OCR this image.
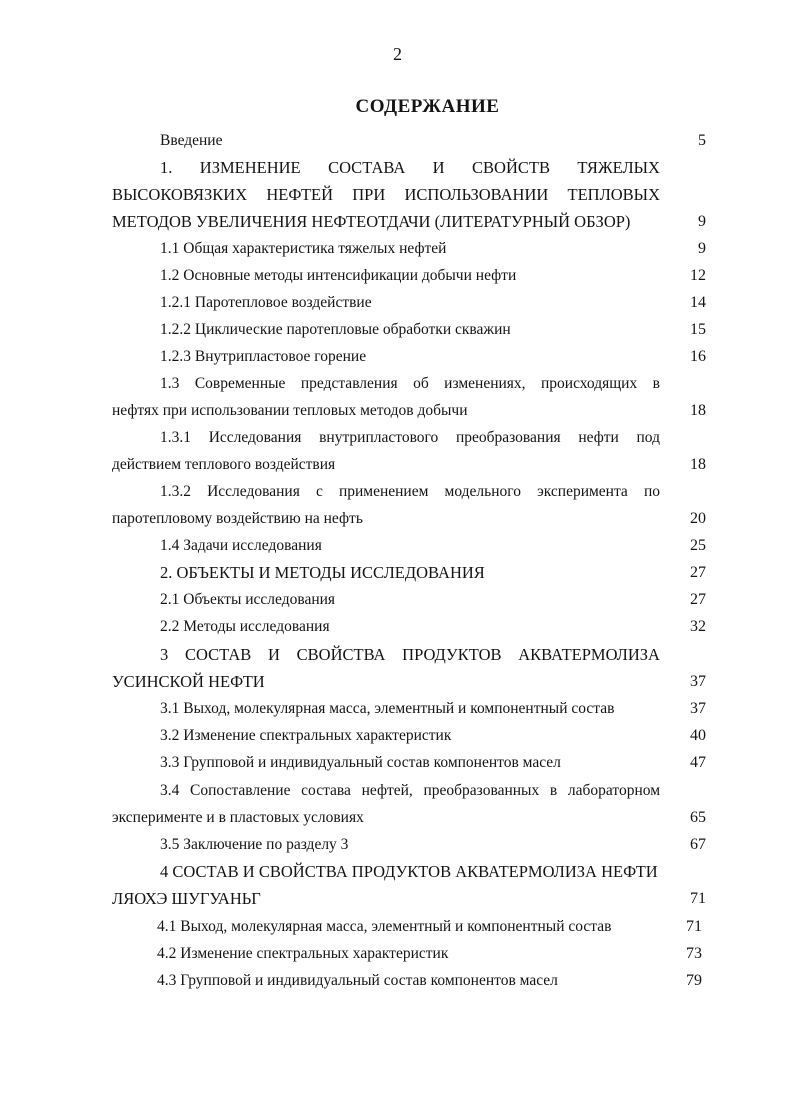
2
СОДЕРЖАНИЕ
Введение	5
1. ИЗМЕНЕНИЕ СОСТАВА И СВОЙСТВ ТЯЖЕЛЫХ
ВЫСОКОВЯЗКИХ НЕФТЕЙ ПРИ ИСПОЛЬЗОВАНИИ ТЕПЛОВЫХ
МЕТОДОВ УВЕЛИЧЕНИЯ НЕФТЕОТДАЧИ (ЛИТЕРАТУРНЫЙ ОБЗОР)	9
1.1 Общая характеристика тяжелых нефтей	9
1.2 Основные методы интенсификации добычи нефти	12
1.2.1 Паротепловое воздействие	14
1.2.2 Циклические паротепловые обработки скважин	15
1.2.3 Внутрипластовое горение	16
1.3 Современные представления об изменениях, происходящих в
нефтях при использовании тепловых методов добычи	18
1.3.1 Исследования внутрипластового преобразования нефти под
действием теплового воздействия	18
1.3.2 Исследования с применением модельного эксперимента по
паротепловому воздействию на нефть	20
1.4 Задачи исследования	25
2. ОБЪЕКТЫ И МЕТОДЫ ИССЛЕДОВАНИЯ	27
2.1 Объекты исследования	27
2.2 Методы исследования	32
3 СОСТАВ И СВОЙСТВА ПРОДУКТОВ АКВАТЕРМОЛИЗА
УСИНСКОЙ НЕФТИ	37
3.1 Выход, молекулярная масса, элементный и компонентный состав	37
3.2 Изменение спектральных характеристик	40
3.3 Групповой и индивидуальный состав компонентов масел	47
3.4 Сопоставление состава нефтей, преобразованных в лабораторном
эксперименте и в пластовых условиях	65
3.5 Заключение по разделу 3	67
4 СОСТАВ И СВОЙСТВА ПРОДУКТОВ АКВАТЕРМОЛИЗА НЕФТИ
ЛЯОХЭ ШУГУАНЬГ	71
4.1 Выход, молекулярная масса, элементный и компонентный состав	71
4.2 Изменение спектральных характеристик	73
4.3 Групповой и индивидуальный состав компонентов масел	79
